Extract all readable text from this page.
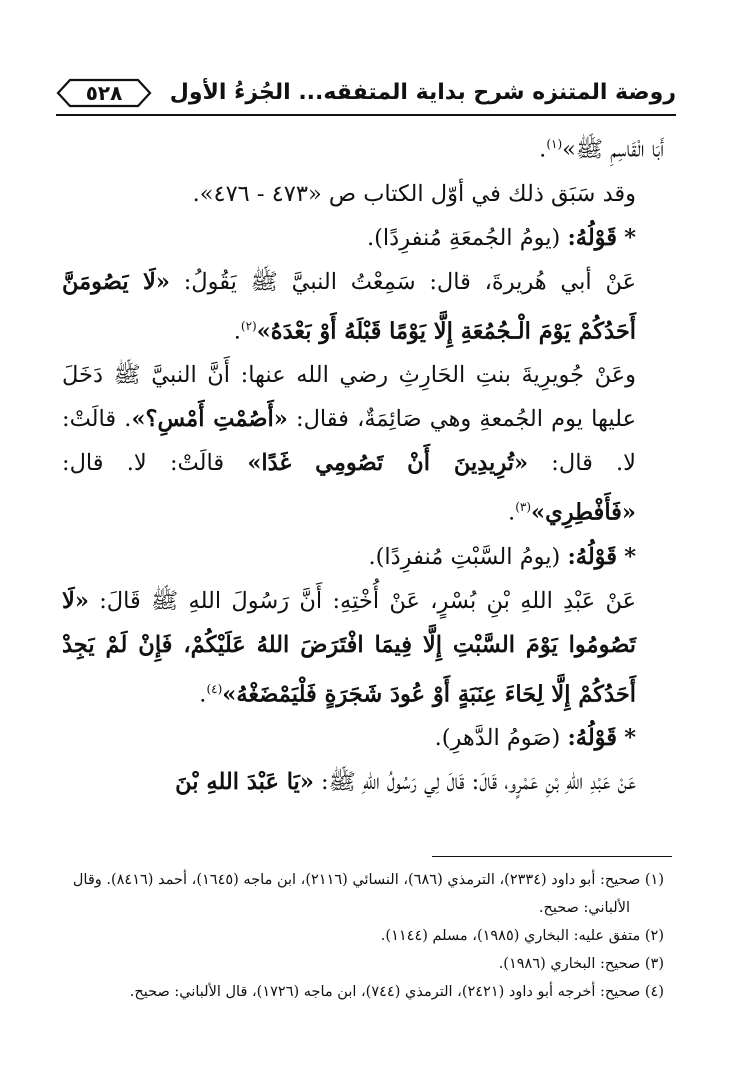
روضة المتنزه شرح بداية المتفقه... الجُزءُ الأول
٥٢٨

أَبَا الْقَاسِمِ ﷺ»$^{(١)}$.

وقد سَبَق ذلك في أوّل الكتاب ص «٤٧٣ - ٤٧٦».

* قَوْلُهُ: (يومُ الجُمعَةِ مُنفرِدًا).

عَنْ أبي هُريرةَ، قال: سَمِعْتُ النبيَّ ﷺ يَقُولُ: «لَا يَصُومَنَّ أَحَدُكُمْ يَوْمَ الْـجُمُعَةِ إِلَّا يَوْمًا قَبْلَهُ أَوْ بَعْدَهُ»$^{(٢)}$.

وعَنْ جُويرِيةَ بنتِ الحَارِثِ رضي الله عنها: أَنَّ النبيَّ ﷺ دَخَلَ عليها يوم الجُمعةِ وهي صَائِمَةٌ، فقال: «أَصُمْتِ أَمْسِ؟». قالَتْ: لا. قال: «تُرِيدِينَ أَنْ تَصُومِي غَدًا» قالَتْ: لا. قال: «فَأَفْطِرِي»$^{(٣)}$.

* قَوْلُهُ: (يومُ السَّبْتِ مُنفرِدًا).

عَنْ عَبْدِ اللهِ بْنِ بُسْرٍ، عَنْ أُخْتِهِ: أَنَّ رَسُولَ اللهِ ﷺ قَالَ: «لَا تَصُومُوا يَوْمَ السَّبْتِ إِلَّا فِيمَا افْتَرَضَ اللهُ عَلَيْكُمْ، فَإِنْ لَمْ يَجِدْ أَحَدُكُمْ إِلَّا لِحَاءَ عِنَبَةٍ أَوْ عُودَ شَجَرَةٍ فَلْيَمْضَغْهُ»$^{(٤)}$.

* قَوْلُهُ: (صَومُ الدَّهرِ).

عَنْ عَبْدِ اللهِ بْنِ عَمْرٍو، قَالَ: قَالَ لِي رَسُولُ اللهِ ﷺ: «يَا عَبْدَ اللهِ بْنَ

(١) صحيح: أبو داود (٢٣٣٤)، الترمذي (٦٨٦)، النسائي (٢١١٦)، ابن ماجه (١٦٤٥)، أحمد (٨٤١٦). وقال

الألباني: صحيح.

(٢) متفق عليه: البخاري (١٩٨٥)، مسلم (١١٤٤).

(٣) صحيح: البخاري (١٩٨٦).

(٤) صحيح: أخرجه أبو داود (٢٤٢١)، الترمذي (٧٤٤)، ابن ماجه (١٧٢٦)، قال الألباني: صحيح.
